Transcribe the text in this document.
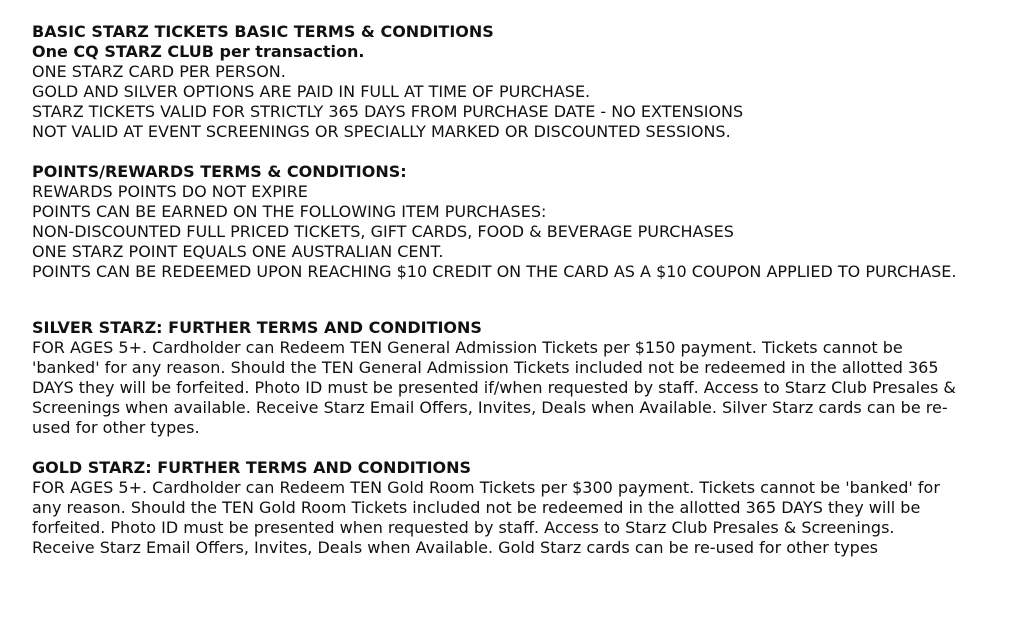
BASIC STARZ TICKETS BASIC TERMS & CONDITIONS

One CQ STARZ CLUB per transaction.

ONE STARZ CARD PER PERSON.

GOLD AND SILVER OPTIONS ARE PAID IN FULL AT TIME OF PURCHASE.

STARZ TICKETS VALID FOR STRICTLY 365 DAYS FROM PURCHASE DATE - NO EXTENSIONS

NOT VALID AT EVENT SCREENINGS OR SPECIALLY MARKED OR DISCOUNTED SESSIONS.

POINTS/REWARDS TERMS & CONDITIONS:

REWARDS POINTS DO NOT EXPIRE

POINTS CAN BE EARNED ON THE FOLLOWING ITEM PURCHASES:

NON-DISCOUNTED FULL PRICED TICKETS, GIFT CARDS, FOOD & BEVERAGE PURCHASES

ONE STARZ POINT EQUALS ONE AUSTRALIAN CENT.

POINTS CAN BE REDEEMED UPON REACHING $10 CREDIT ON THE CARD AS A $10 COUPON APPLIED TO PURCHASE.

SILVER STARZ: FURTHER TERMS AND CONDITIONS

FOR AGES 5+. Cardholder can Redeem TEN General Admission Tickets per $150 payment. Tickets cannot be 'banked' for any reason. Should the TEN General Admission Tickets included not be redeemed in the allotted 365 DAYS they will be forfeited. Photo ID must be presented if/when requested by staff. Access to Starz Club Presales & Screenings when available. Receive Starz Email Offers, Invites, Deals when Available. Silver Starz cards can be re-used for other types.

GOLD STARZ: FURTHER TERMS AND CONDITIONS

FOR AGES 5+. Cardholder can Redeem TEN Gold Room Tickets per $300 payment. Tickets cannot be 'banked' for any reason. Should the TEN Gold Room Tickets included not be redeemed in the allotted 365 DAYS they will be forfeited. Photo ID must be presented when requested by staff. Access to Starz Club Presales & Screenings. Receive Starz Email Offers, Invites, Deals when Available. Gold Starz cards can be re-used for other types
